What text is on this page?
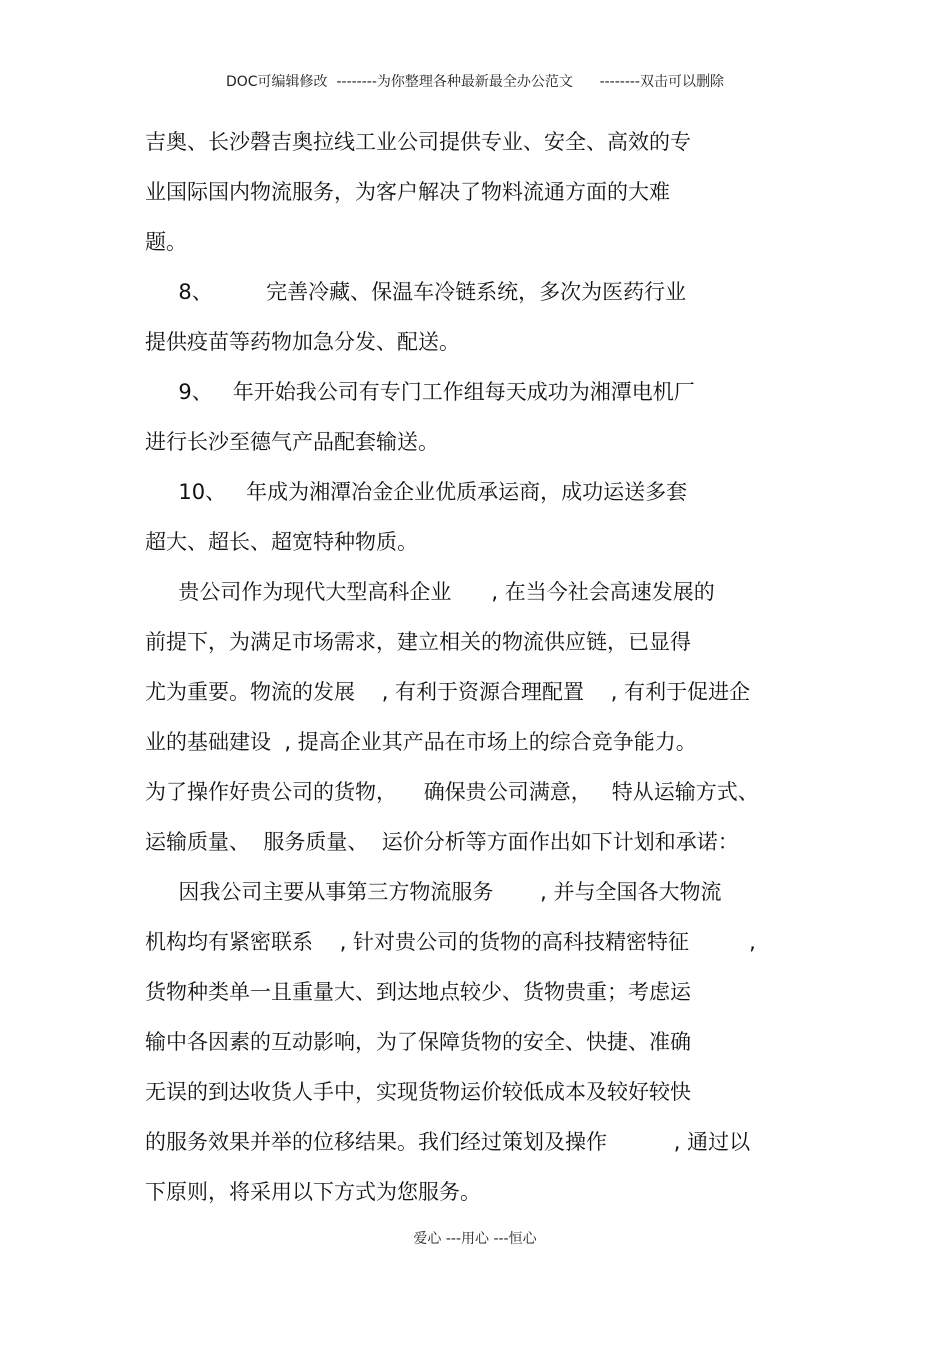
DOC可编辑修改  --------为你整理各种最新最全办公范文      --------双击可以删除
吉奥、长沙磬吉奥拉线工业公司提供专业、安全、高效的专
业国际国内物流服务，为客户解决了物料流通方面的大难
题。
8、        完善冷藏、保温车冷链系统，多次为医药行业
提供疫苗等药物加急分发、配送。
9、   年开始我公司有专门工作组每天成功为湘潭电机厂
进行长沙至德气产品配套输送。
10、   年成为湘潭冶金企业优质承运商，成功运送多套
超大、超长、超宽特种物质。
贵公司作为现代大型高科企业      , 在当今社会高速发展的
前提下，为满足市场需求，建立相关的物流供应链，已显得
尤为重要。物流的发展    , 有利于资源合理配置    , 有利于促进企
业的基础建设  , 提高企业其产品在市场上的综合竞争能力。
为了操作好贵公司的货物，    确保贵公司满意，   特从运输方式、
运输质量、  服务质量、  运价分析等方面作出如下计划和承诺：
因我公司主要从事第三方物流服务       , 并与全国各大物流
机构均有紧密联系    , 针对贵公司的货物的高科技精密特征         ,
货物种类单一且重量大、到达地点较少、货物贵重；考虑运
输中各因素的互动影响，为了保障货物的安全、快捷、准确
无误的到达收货人手中，实现货物运价较低成本及较好较快
的服务效果并举的位移结果。我们经过策划及操作          , 通过以
下原则，将采用以下方式为您服务。
爱心 ---用心 ---恒心
